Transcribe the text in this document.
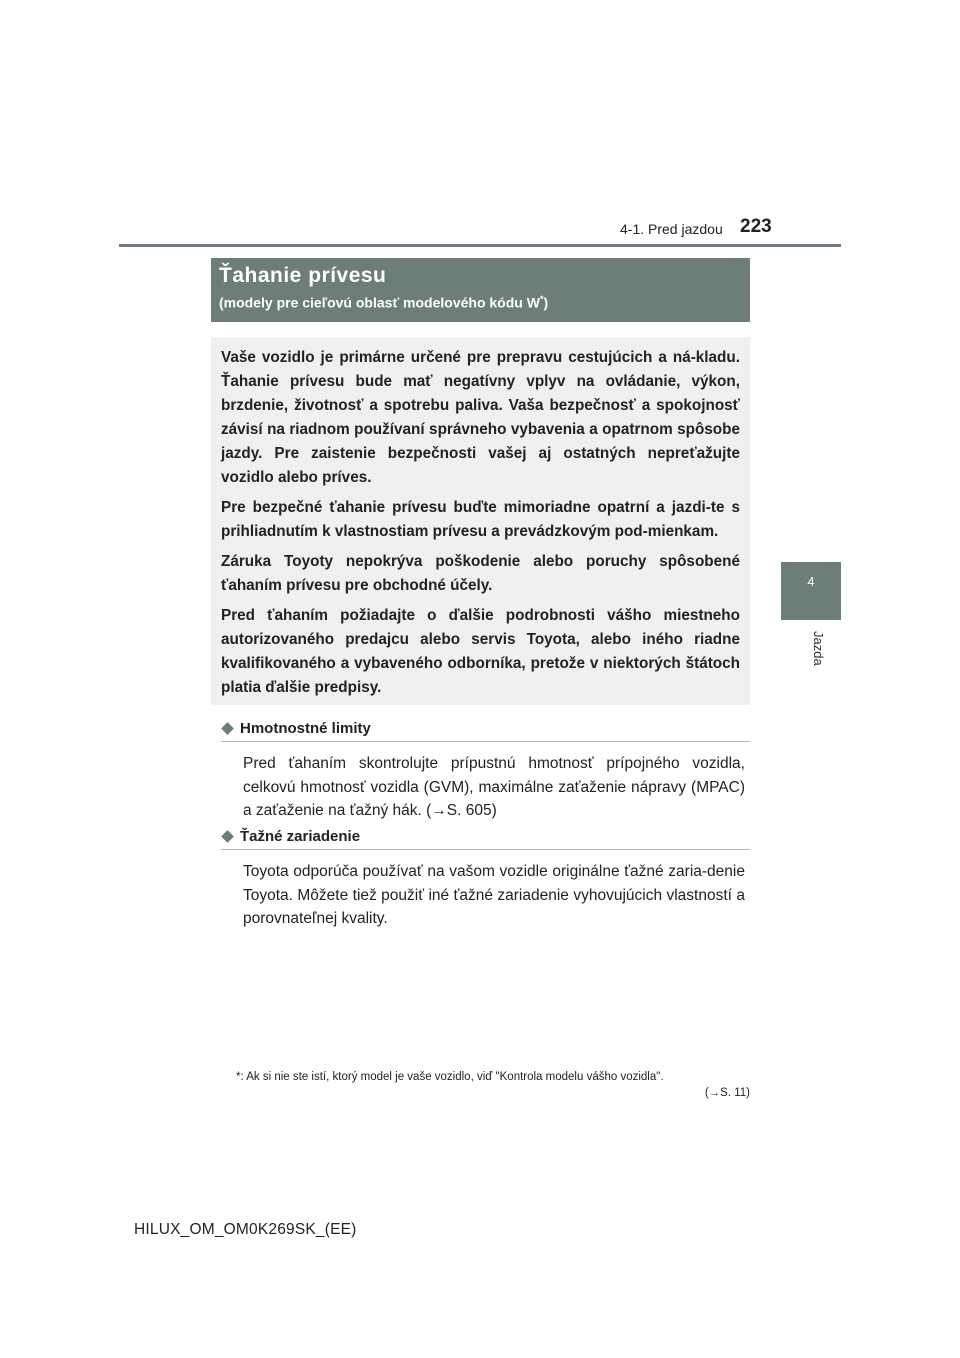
4-1. Pred jazdou 223
4
Jazda
Ťahanie prívesu
(modely pre cieľovú oblasť modelového kódu W*)

Vaše vozidlo je primárne určené pre prepravu cestujúcich a ná-kladu. Ťahanie prívesu bude mať negatívny vplyv na ovládanie, výkon, brzdenie, životnosť a spotrebu paliva. Vaša bezpečnosť a spokojnosť závisí na riadnom používaní správneho vybavenia a opatrnom spôsobe jazdy. Pre zaistenie bezpečnosti vašej aj ostatných nepreťažujte vozidlo alebo príves.

Pre bezpečné ťahanie prívesu buďte mimoriadne opatrní a jazdi-te s prihliadnutím k vlastnostiam prívesu a prevádzkovým pod-mienkam.

Záruka Toyoty nepokrýva poškodenie alebo poruchy spôsobené ťahaním prívesu pre obchodné účely.

Pred ťahaním požiadajte o ďalšie podrobnosti vášho miestneho autorizovaného predajcu alebo servis Toyota, alebo iného riadne kvalifikovaného a vybaveného odborníka, pretože v niektorých štátoch platia ďalšie predpisy.

Hmotnostné limity

Pred ťahaním skontrolujte prípustnú hmotnosť prípojného vozidla, celkovú hmotnosť vozidla (GVM), maximálne zaťaženie nápravy (MPAC) a zaťaženie na ťažný hák. (→S. 605)

Ťažné zariadenie

Toyota odporúča používať na vašom vozidle originálne ťažné zaria-denie Toyota. Môžete tiež použiť iné ťažné zariadenie vyhovujúcich vlastností a porovnateľnej kvality.

*: Ak si nie ste istí, ktorý model je vaše vozidlo, viď "Kontrola modelu vášho vozidla".
(→S. 11)
HILUX_OM_OM0K269SK_(EE)
